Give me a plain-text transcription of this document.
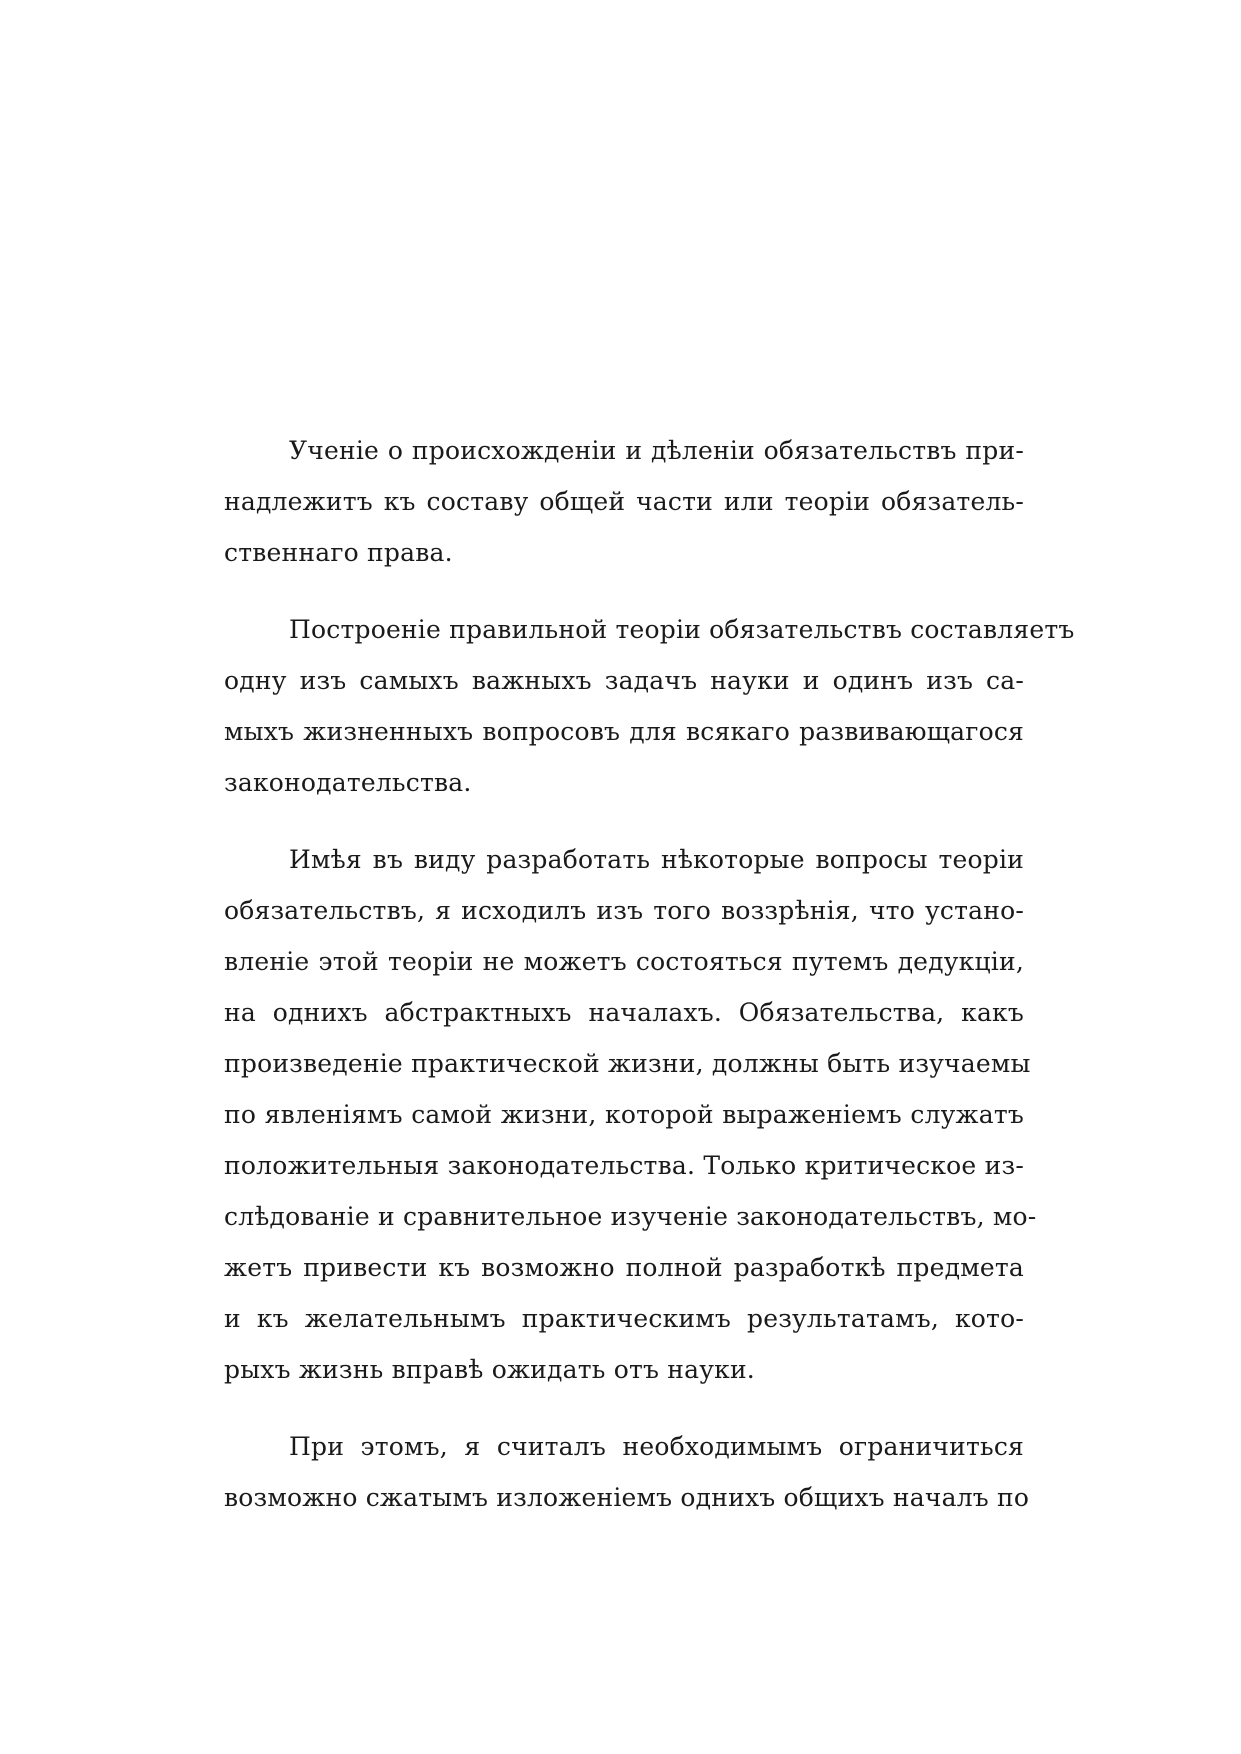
Ученіе о происхожденіи и дѣленіи обязательствъ при-
надлежитъ къ составу общей части или теоріи обязатель-
ственнаго права.
Построеніе правильной теоріи обязательствъ составляетъ
одну изъ самыхъ важныхъ задачъ науки и одинъ изъ са-
мыхъ жизненныхъ вопросовъ для всякаго развивающагося
законодательства.
Имѣя въ виду разработать нѣкоторые вопросы теоріи
обязательствъ, я исходилъ изъ того воззрѣнія, что устано-
вленіе этой теоріи не можетъ состояться путемъ дедукціи,
на однихъ абстрактныхъ началахъ. Обязательства, какъ
произведеніе практической жизни, должны быть изучаемы
по явленіямъ самой жизни, которой выраженіемъ служатъ
положительныя законодательства. Только критическое из-
слѣдованіе и сравнительное изученіе законодательствъ, мо-
жетъ привести къ возможно полной разработкѣ предмета
и къ желательнымъ практическимъ результатамъ, кото-
рыхъ жизнь вправѣ ожидать отъ науки.
При этомъ, я считалъ необходимымъ ограничиться
возможно сжатымъ изложеніемъ однихъ общихъ началъ по
